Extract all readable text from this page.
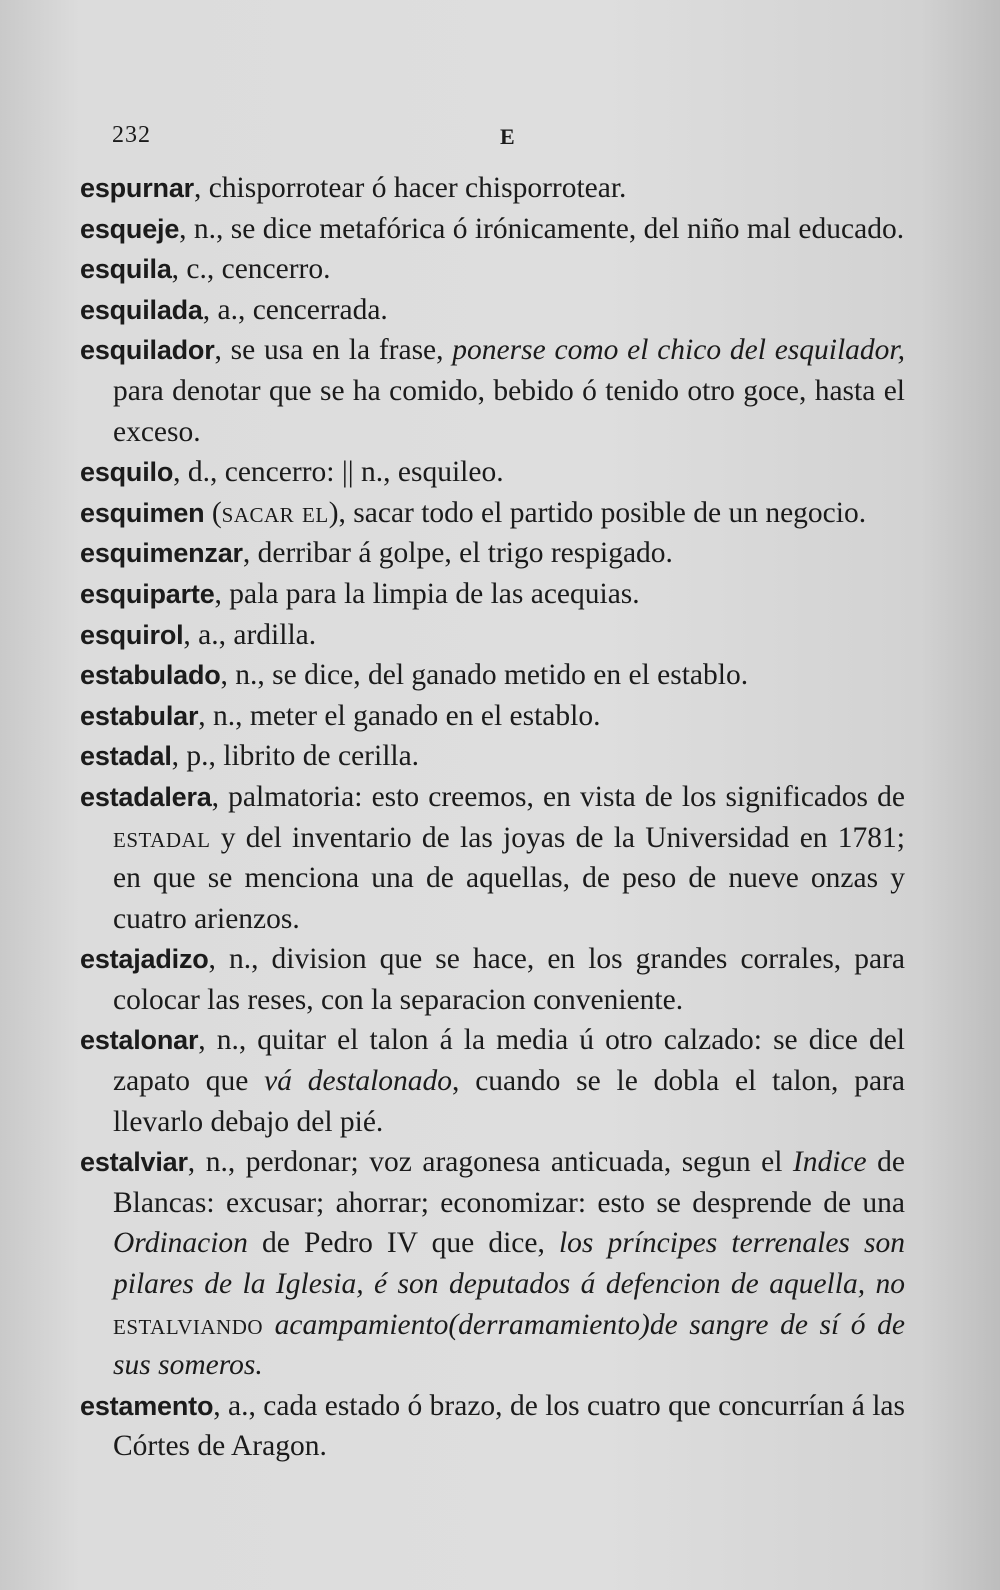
232	E

espurnar, chisporrotear ó hacer chisporrotear.

esqueje, n., se dice metafórica ó irónicamente, del niño mal educado.

esquila, c., cencerro.

esquilada, a., cencerrada.

esquilador, se usa en la frase, ponerse como el chico del esquilador, para denotar que se ha comido, bebido ó tenido otro goce, hasta el exceso.

esquilo, d., cencerro: || n., esquileo.

esquimen (sacar el), sacar todo el partido posible de un negocio.

esquimenzar, derribar á golpe, el trigo respigado.

esquiparte, pala para la limpia de las acequias.

esquirol, a., ardilla.

estabulado, n., se dice, del ganado metido en el establo.

estabular, n., meter el ganado en el establo.

estadal, p., librito de cerilla.

estadalera, palmatoria: esto creemos, en vista de los significados de estadal y del inventario de las joyas de la Universidad en 1781; en que se menciona una de aquellas, de peso de nueve onzas y cuatro arienzos.

estajadizo, n., division que se hace, en los grandes corrales, para colocar las reses, con la separacion conveniente.

estalonar, n., quitar el talon á la media ú otro calzado: se dice del zapato que vá destalonado, cuando se le dobla el talon, para llevarlo debajo del pié.

estalviar, n., perdonar; voz aragonesa anticuada, segun el Indice de Blancas: excusar; ahorrar; economizar: esto se desprende de una Ordinacion de Pedro IV que dice, los príncipes terrenales son pilares de la Iglesia, é son deputados á defencion de aquella, no estalviando acampamiento(derramamiento)de sangre de sí ó de sus someros.

estamento, a., cada estado ó brazo, de los cuatro que concurrían á las Córtes de Aragon.
